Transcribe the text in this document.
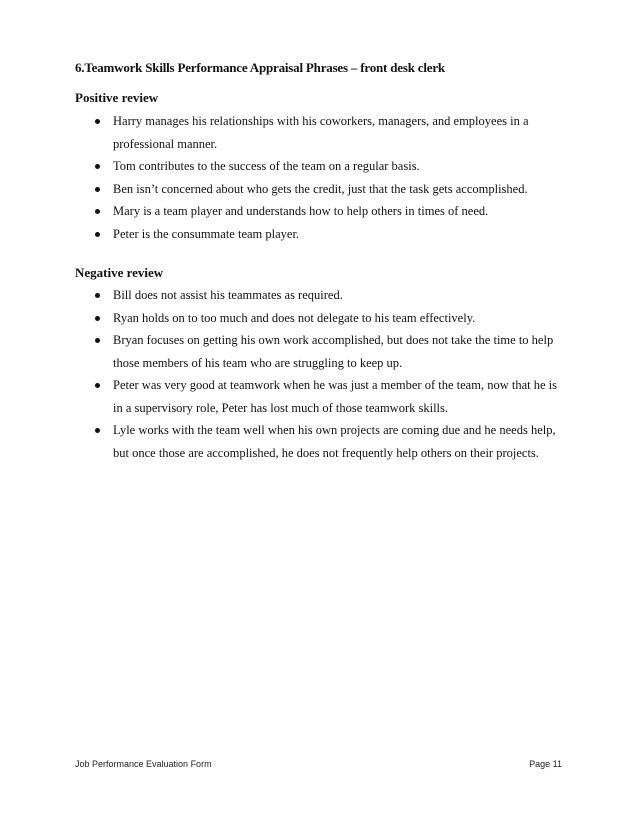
6.Teamwork Skills Performance Appraisal Phrases – front desk clerk
Positive review
Harry manages his relationships with his coworkers, managers, and employees in a professional manner.
Tom contributes to the success of the team on a regular basis.
Ben isn’t concerned about who gets the credit, just that the task gets accomplished.
Mary is a team player and understands how to help others in times of need.
Peter is the consummate team player.
Negative review
Bill does not assist his teammates as required.
Ryan holds on to too much and does not delegate to his team effectively.
Bryan focuses on getting his own work accomplished, but does not take the time to help those members of his team who are struggling to keep up.
Peter was very good at teamwork when he was just a member of the team, now that he is in a supervisory role, Peter has lost much of those teamwork skills.
Lyle works with the team well when his own projects are coming due and he needs help, but once those are accomplished, he does not frequently help others on their projects.
Job Performance Evaluation Form	Page 11
